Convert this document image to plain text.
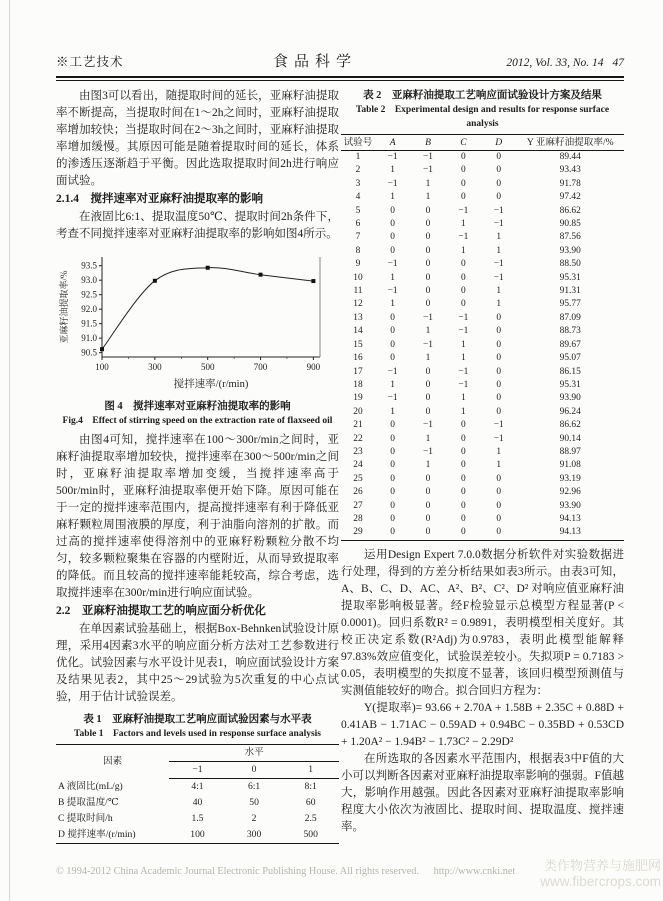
※工艺技术	食品科学	2012, Vol. 33, No. 14 47

由图3可以看出，随提取时间的延长，亚麻籽油提取率不断提高，当提取时间在1～2h之间时，亚麻籽油提取率增加较快；当提取时间在2～3h之间时，亚麻籽油提取率增加缓慢。其原因可能是随着提取时间的延长，体系的渗透压逐渐趋于平衡。因此选取提取时间2h进行响应面试验。

2.1.4　搅拌速率对亚麻籽油提取率的影响

在液固比6:1、提取温度50℃、提取时间2h条件下，考查不同搅拌速率对亚麻籽油提取率的影响如图4所示。

90.5
91.0
91.5
92.0
92.5
93.0
93.5
100	300	500	700	900
搅拌速率/(r/min)
亚麻籽油提取率/%
图 4　搅拌速率对亚麻籽油提取率的影响
Fig.4　Effect of stirring speed on the extraction rate of flaxseed oil

由图4可知，搅拌速率在100～300r/min之间时，亚麻籽油提取率增加较快，搅拌速率在300～500r/min之间时，亚麻籽油提取率增加变缓，当搅拌速率高于500r/min时，亚麻籽油提取率便开始下降。原因可能在于一定的搅拌速率范围内，提高搅拌速率有利于降低亚麻籽颗粒周围液膜的厚度，利于油脂向溶剂的扩散。而过高的搅拌速率使得溶剂中的亚麻籽粉颗粒分散不均匀，较多颗粒聚集在容器的内壁附近，从而导致提取率的降低。而且较高的搅拌速率能耗较高，综合考虑，选取搅拌速率在300r/min进行响应面试验。

2.2　亚麻籽油提取工艺的响应面分析优化

在单因素试验基础上，根据Box-Behnken试验设计原理，采用4因素3水平的响应面分析方法对工艺参数进行优化。试验因素与水平设计见表1，响应面试验设计方案及结果见表2，其中25～29试验为5次重复的中心点试验，用于估计试验误差。

表 1　亚麻籽油提取工艺响应面试验因素与水平表
Table 1　Factors and levels used in response surface analysis
因素	水平		
	−1	0	1
A 液固比(mL/g)	4:1	6:1	8:1
B 提取温度/℃	40	50	60
C 提取时间/h	1.5	2	2.5
D 搅拌速率/(r/min)	100	300	500
表 2　亚麻籽油提取工艺响应面试验设计方案及结果
Table 2　Experimental design and results for response surface analysis
试验号	A	B	C	D	Y 亚麻籽油提取率/%
1	−1	−1	0	0	89.44
2	1	−1	0	0	93.43
3	−1	1	0	0	91.78
4	1	1	0	0	97.42
5	0	0	−1	−1	86.62
6	0	0	1	−1	90.85
7	0	0	−1	1	87.56
8	0	0	1	1	93.90
9	−1	0	0	−1	88.50
10	1	0	0	−1	95.31
11	−1	0	0	1	91.31
12	1	0	0	1	95.77
13	0	−1	−1	0	87.09
14	0	1	−1	0	88.73
15	0	−1	1	0	89.67
16	0	1	1	0	95.07
17	−1	0	−1	0	86.15
18	1	0	−1	0	95.31
19	−1	0	1	0	93.90
20	1	0	1	0	96.24
21	0	−1	0	−1	86.62
22	0	1	0	−1	90.14
23	0	−1	0	1	88.97
24	0	1	0	1	91.08
25	0	0	0	0	93.19
26	0	0	0	0	92.96
27	0	0	0	0	93.90
28	0	0	0	0	94.13
29	0	0	0	0	94.13

运用Design Expert 7.0.0数据分析软件对实验数据进行处理，得到的方差分析结果如表3所示。由表3可知，A、B、C、D、AC、A²、B²、C²、D² 对响应值亚麻籽油提取率影响极显著。经F检验显示总模型方程显著(P < 0.0001)。回归系数R² = 0.9891，表明模型相关度好。其校正决定系数(R²Adj)为0.9783，表明此模型能解释97.83%效应值变化，试验误差较小。失拟项P = 0.7183 > 0.05，表明模型的失拟度不显著，该回归模型预测值与实测值能较好的吻合。拟合回归方程为：

Y(提取率)= 93.66 + 2.70A + 1.58B + 2.35C + 0.88D + 0.41AB − 1.71AC − 0.59AD + 0.94BC − 0.35BD + 0.53CD + 1.20A² − 1.94B² − 1.73C² − 2.29D²

在所选取的各因素水平范围内，根据表3中F值的大小可以判断各因素对亚麻籽油提取率影响的强弱。F值越大，影响作用越强。因此各因素对亚麻籽油提取率影响程度大小依次为液固比、提取时间、提取温度、搅拌速率。

© 1994-2012 China Academic Journal Electronic Publishing House. All rights reserved. http://www.cnki.net	类作物营养与施肥网
www.fibercrops.com
